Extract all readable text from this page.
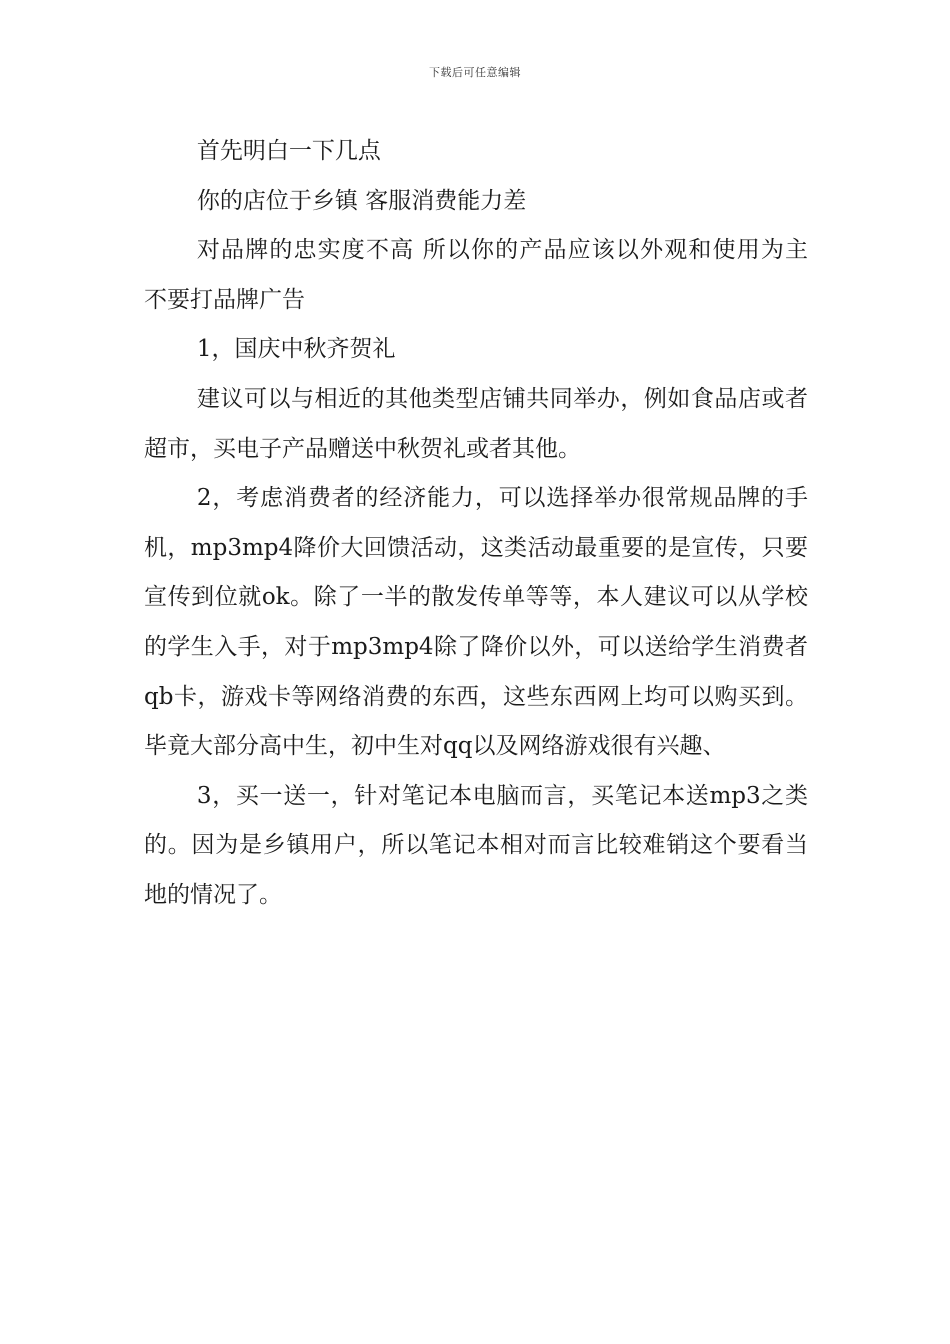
下载后可任意编辑

首先明白一下几点

你的店位于乡镇 客服消费能力差

对品牌的忠实度不高 所以你的产品应该以外观和使用为主 不要打品牌广告

1，国庆中秋齐贺礼

建议可以与相近的其他类型店铺共同举办，例如食品店或者超市，买电子产品赠送中秋贺礼或者其他。

2，考虑消费者的经济能力，可以选择举办很常规品牌的手机，mp3mp4降价大回馈活动，这类活动最重要的是宣传，只要宣传到位就ok。除了一半的散发传单等等，本人建议可以从学校的学生入手，对于mp3mp4除了降价以外，可以送给学生消费者qb卡，游戏卡等网络消费的东西，这些东西网上均可以购买到。毕竟大部分高中生，初中生对qq以及网络游戏很有兴趣、

3，买一送一，针对笔记本电脑而言，买笔记本送mp3之类的。因为是乡镇用户，所以笔记本相对而言比较难销这个要看当地的情况了。
